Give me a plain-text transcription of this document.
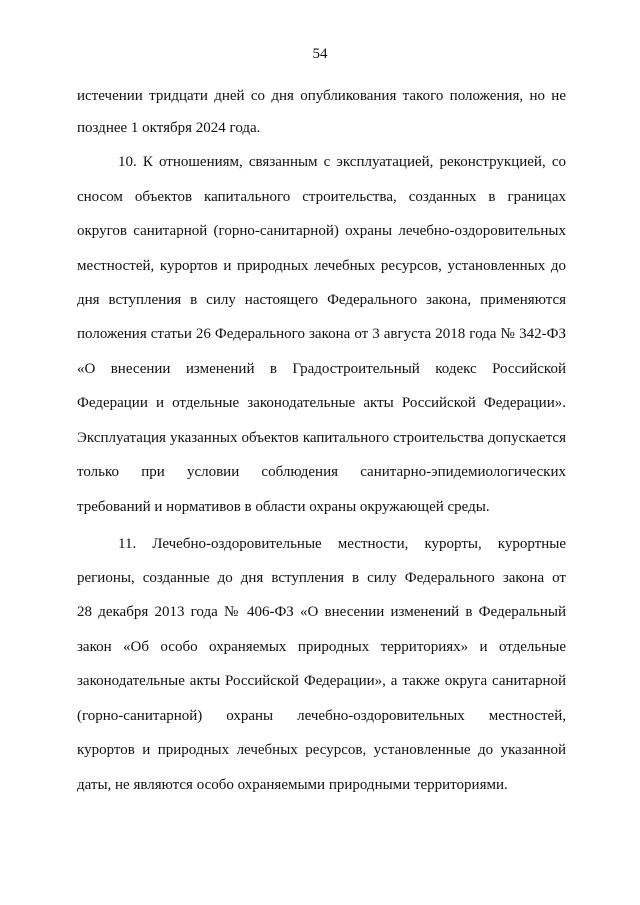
54
истечении тридцати дней со дня опубликования такого положения, но не
позднее 1 октября 2024 года.
10. К отношениям, связанным с эксплуатацией, реконструкцией, со
сносом объектов капитального строительства, созданных в границах
округов санитарной (горно-санитарной) охраны лечебно-оздоровительных
местностей, курортов и природных лечебных ресурсов, установленных до
дня вступления в силу настоящего Федерального закона, применяются
положения статьи 26 Федерального закона от 3 августа 2018 года № 342-ФЗ
«О внесении изменений в Градостроительный кодекс Российской
Федерации и отдельные законодательные акты Российской Федерации».
Эксплуатация указанных объектов капитального строительства допускается
только при условии соблюдения санитарно-эпидемиологических
требований и нормативов в области охраны окружающей среды.
11. Лечебно-оздоровительные местности, курорты, курортные
регионы, созданные до дня вступления в силу Федерального закона от
28 декабря 2013 года № 406-ФЗ «О внесении изменений в Федеральный
закон «Об особо охраняемых природных территориях» и отдельные
законодательные акты Российской Федерации», а также округа санитарной
(горно-санитарной) охраны лечебно-оздоровительных местностей,
курортов и природных лечебных ресурсов, установленные до указанной
даты, не являются особо охраняемыми природными территориями.
